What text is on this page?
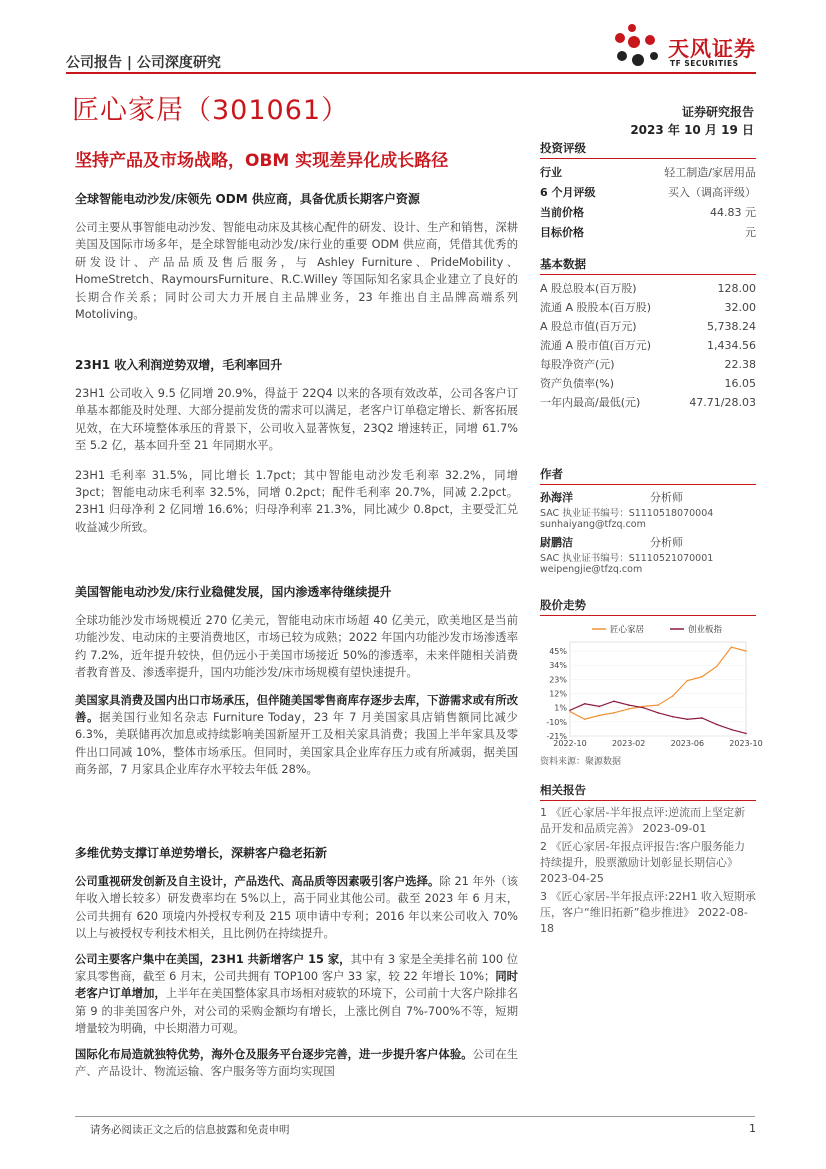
公司报告 | 公司深度研究
天风证券
TF SECURITIES
匠心家居（301061）	证券研究报告
2023 年 10 月 19 日
坚持产品及市场战略，OBM 实现差异化成长路径
全球智能电动沙发/床领先 ODM 供应商，具备优质长期客户资源
公司主要从事智能电动沙发、智能电动床及其核心配件的研发、设计、生产和销售，深耕美国及国际市场多年，是全球智能电动沙发/床行业的重要 ODM 供应商，凭借其优秀的研发设计、产品品质及售后服务，与 Ashley Furniture、PrideMobility、HomeStretch、RaymoursFurniture、R.C.Willey 等国际知名家具企业建立了良好的长期合作关系；同时公司大力开展自主品牌业务，23 年推出自主品牌高端系列 Motoliving。
23H1 收入利润逆势双增，毛利率回升
23H1 公司收入 9.5 亿同增 20.9%，得益于 22Q4 以来的各项有效改革，公司各客户订单基本都能及时处理、大部分提前发货的需求可以满足，老客户订单稳定增长、新客拓展见效，在大环境整体承压的背景下，公司收入显著恢复，23Q2 增速转正，同增 61.7%至 5.2 亿，基本回升至 21 年同期水平。
23H1 毛利率 31.5%，同比增长 1.7pct；其中智能电动沙发毛利率 32.2%，同增 3pct；智能电动床毛利率 32.5%，同增 0.2pct；配件毛利率 20.7%，同减 2.2pct。23H1 归母净利 2 亿同增 16.6%；归母净利率 21.3%，同比减少 0.8pct，主要受汇兑收益减少所致。
美国智能电动沙发/床行业稳健发展，国内渗透率待继续提升
全球功能沙发市场规模近 270 亿美元，智能电动床市场超 40 亿美元，欧美地区是当前功能沙发、电动床的主要消费地区，市场已较为成熟；2022 年国内功能沙发市场渗透率约 7.2%，近年提升较快，但仍远小于美国市场接近 50%的渗透率，未来伴随相关消费者教育普及、渗透率提升，国内功能沙发/床市场规模有望快速提升。
美国家具消费及国内出口市场承压，但伴随美国零售商库存逐步去库，下游需求或有所改善。据美国行业知名杂志 Furniture Today，23 年 7 月美国家具店销售额同比减少 6.3%，美联储再次加息或持续影响美国新屋开工及相关家具消费；我国上半年家具及零件出口同减 10%，整体市场承压。但同时，美国家具企业库存压力或有所减弱，据美国商务部，7 月家具企业库存水平较去年低 28%。
多维优势支撑订单逆势增长，深耕客户稳老拓新
公司重视研发创新及自主设计，产品迭代、高品质等因素吸引客户选择。除 21 年外（该年收入增长较多）研发费率均在 5%以上，高于同业其他公司。截至 2023 年 6 月末，公司共拥有 620 项境内外授权专利及 215 项申请中专利；2016 年以来公司收入 70%以上与被授权专利技术相关，且比例仍在持续提升。
公司主要客户集中在美国，23H1 共新增客户 15 家，其中有 3 家是全美排名前 100 位家具零售商，截至 6 月末，公司共拥有 TOP100 客户 33 家，较 22 年增长 10%；同时老客户订单增加，上半年在美国整体家具市场相对疲软的环境下，公司前十大客户除排名第 9 的非美国客户外，对公司的采购金额均有增长，上涨比例自 7%-700%不等，短期增量较为明确，中长期潜力可观。
国际化布局造就独特优势，海外仓及服务平台逐步完善，进一步提升客户体验。公司在生产、产品设计、物流运输、客户服务等方面均实现国
投资评级
行业	轻工制造/家居用品
6 个月评级	买入（调高评级）
当前价格	44.83 元
目标价格	元
基本数据
A 股总股本(百万股)	128.00
流通 A 股股本(百万股)	32.00
A 股总市值(百万元)	5,738.24
流通 A 股市值(百万元)	1,434.56
每股净资产(元)	22.38
资产负债率(%)	16.05
一年内最高/最低(元)	47.71/28.03
作者
孙海洋	分析师
SAC 执业证书编号：S1110518070004
sunhaiyang@tfzq.com
尉鹏洁	分析师
SAC 执业证书编号：S1110521070001
weipengjie@tfzq.com
股价走势
-21%
-10%
1%
12%
23%
34%
45%
2022-10	2023-02	2023-06	2023-10
匠心家居	创业板指
资料来源：聚源数据
相关报告
1 《匠心家居-半年报点评:逆流而上坚定新品开发和品质完善》 2023-09-01
2 《匠心家居-年报点评报告:客户服务能力持续提升，股票激励计划彰显长期信心》 2023-04-25
3 《匠心家居-半年报点评:22H1 收入短期承压，客户“维旧拓新”稳步推进》 2022-08-18
请务必阅读正文之后的信息披露和免责申明	1
